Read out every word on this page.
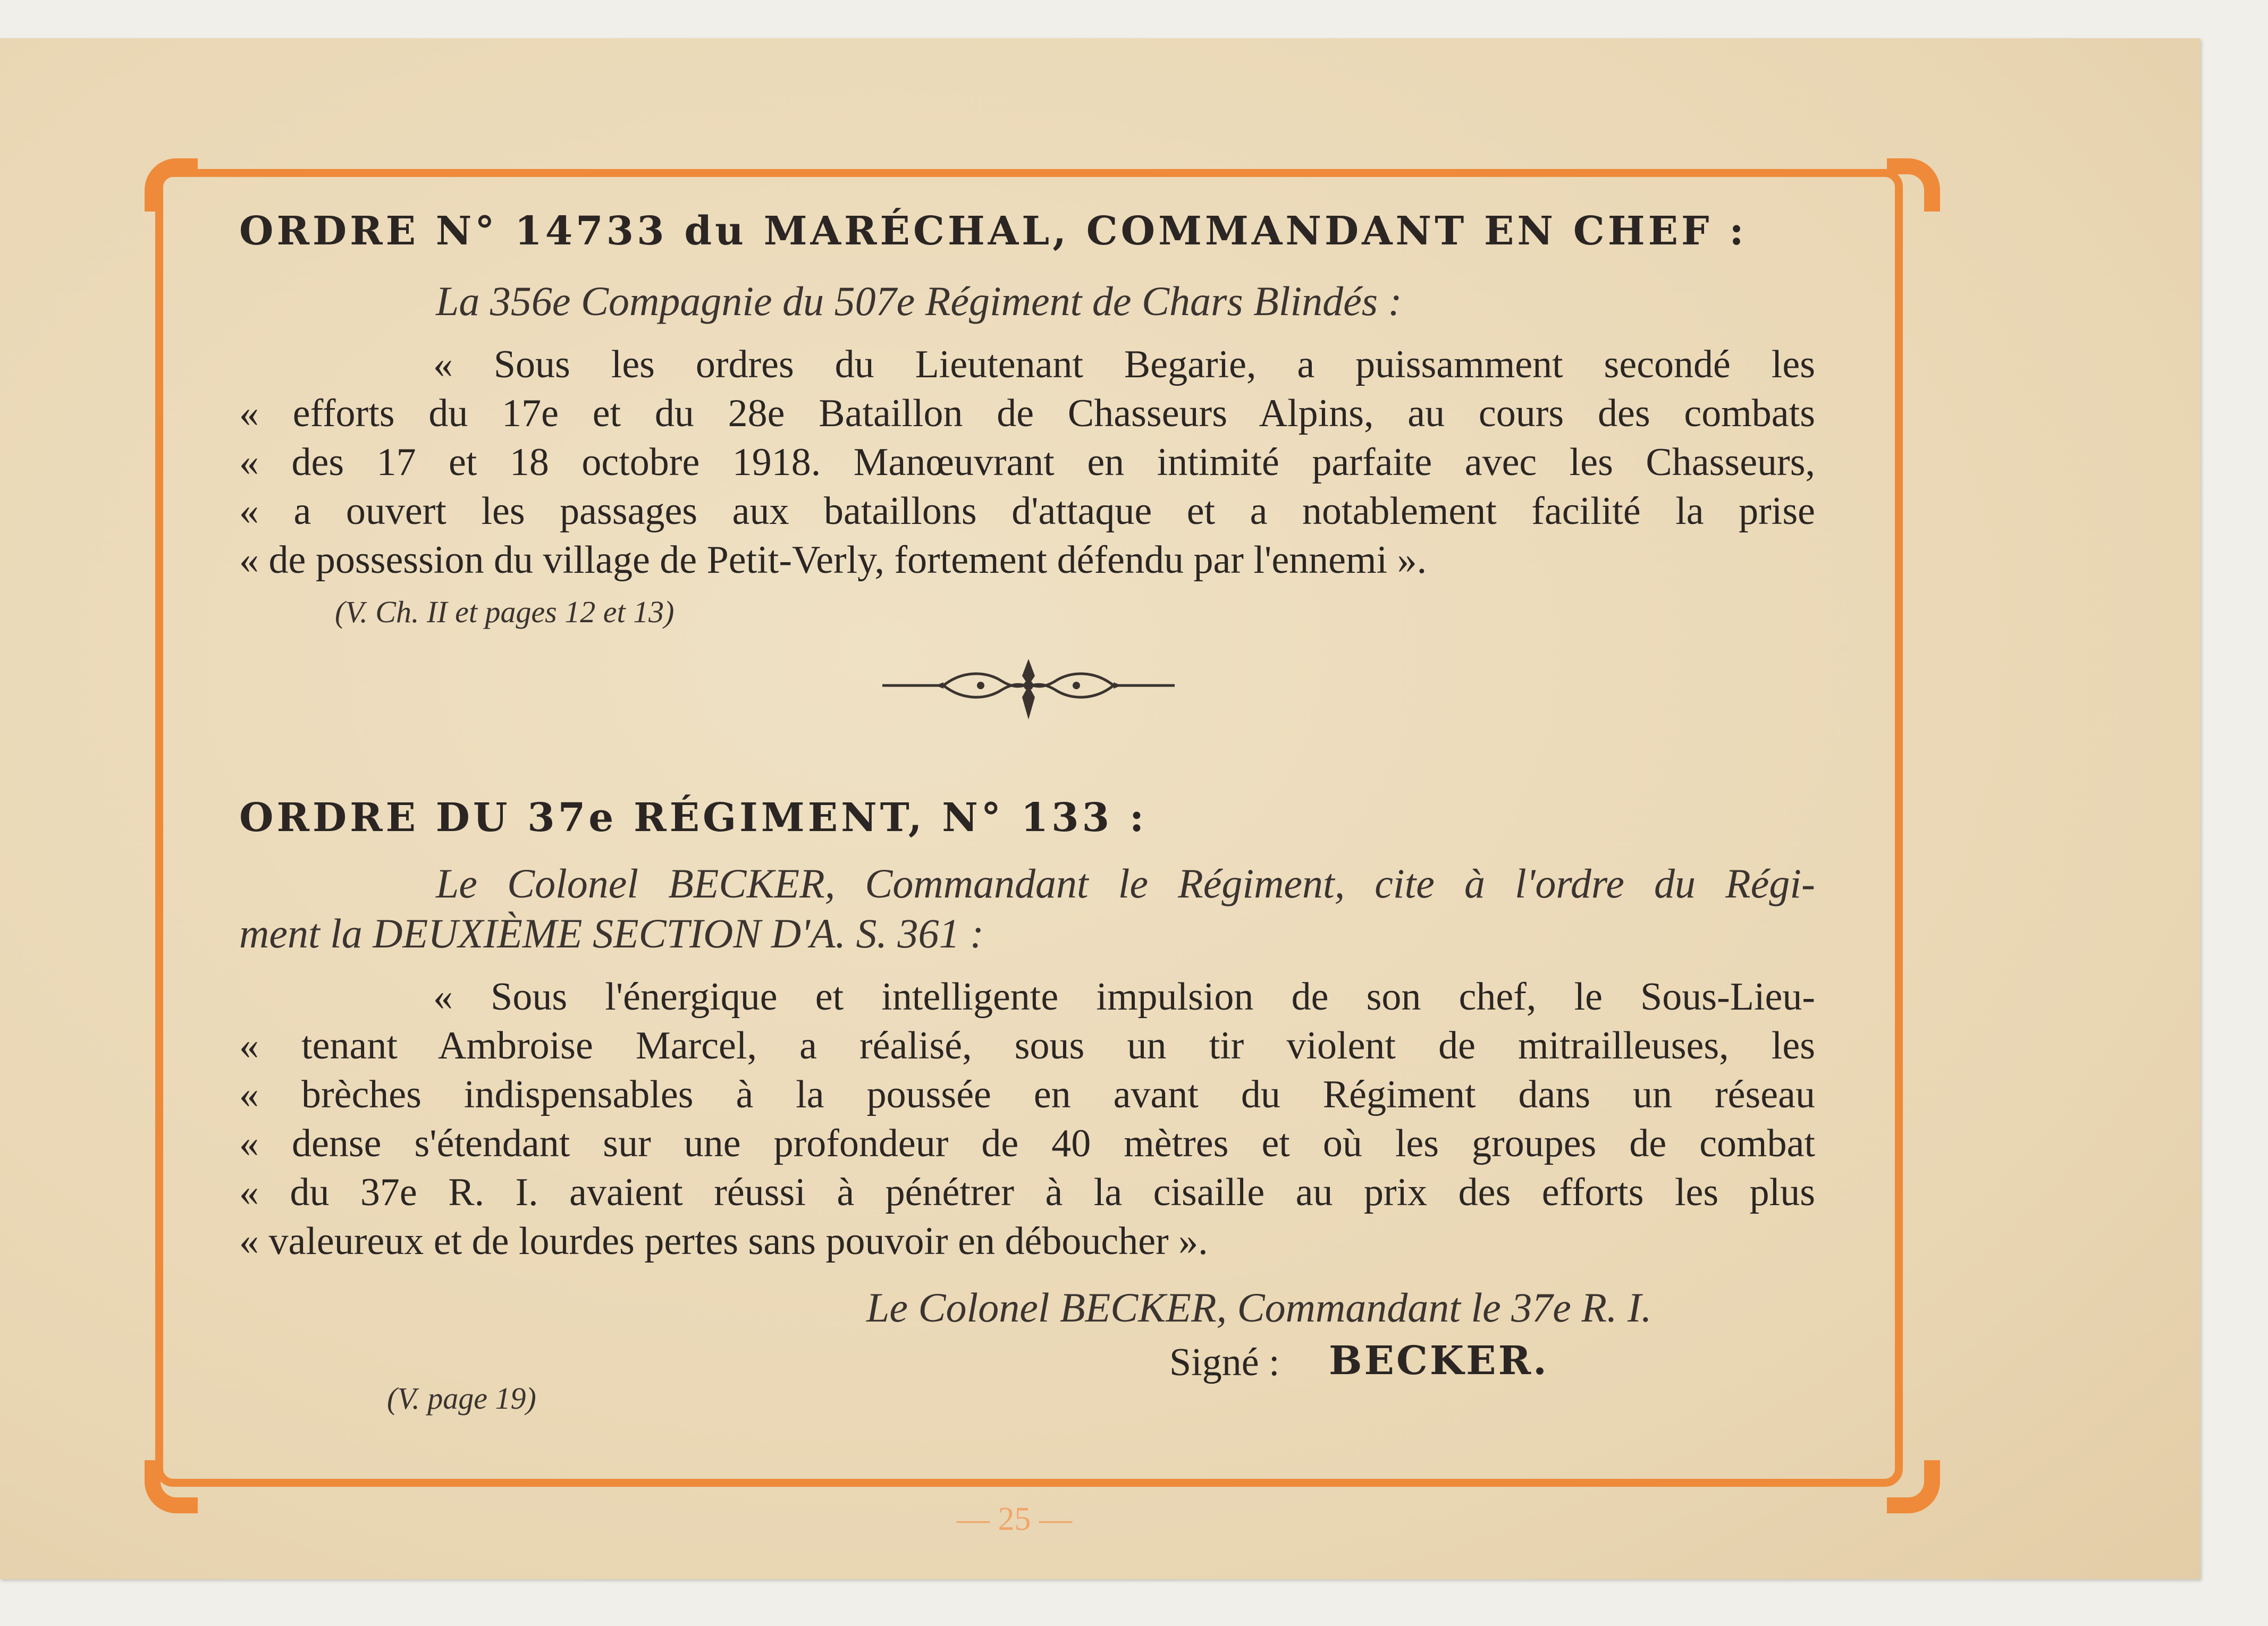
ORDRE N° 14733 du MARÉCHAL, COMMANDANT EN CHEF :
La 356e Compagnie du 507e Régiment de Chars Blindés :
« Sous les ordres du Lieutenant Begarie, a puissamment secondé les
« efforts du 17e et du 28e Bataillon de Chasseurs Alpins, au cours des combats
« des 17 et 18 octobre 1918. Manœuvrant en intimité parfaite avec les Chasseurs,
« a ouvert les passages aux bataillons d'attaque et a notablement facilité la prise
« de possession du village de Petit-Verly, fortement défendu par l'ennemi ».
(V. Ch. II et pages 12 et 13)
ORDRE DU 37e RÉGIMENT, N° 133 :
Le Colonel BECKER, Commandant le Régiment, cite à l'ordre du Régi-
ment la DEUXIÈME SECTION D'A. S. 361 :
« Sous l'énergique et intelligente impulsion de son chef, le Sous-Lieu-
« tenant Ambroise Marcel, a réalisé, sous un tir violent de mitrailleuses, les
« brèches indispensables à la poussée en avant du Régiment dans un réseau
« dense s'étendant sur une profondeur de 40 mètres et où les groupes de combat
« du 37e R. I. avaient réussi à pénétrer à la cisaille au prix des efforts les plus
« valeureux et de lourdes pertes sans pouvoir en déboucher ».
Le Colonel BECKER, Commandant le 37e R. I.
Signé : BECKER.
(V. page 19)
— 25 —
